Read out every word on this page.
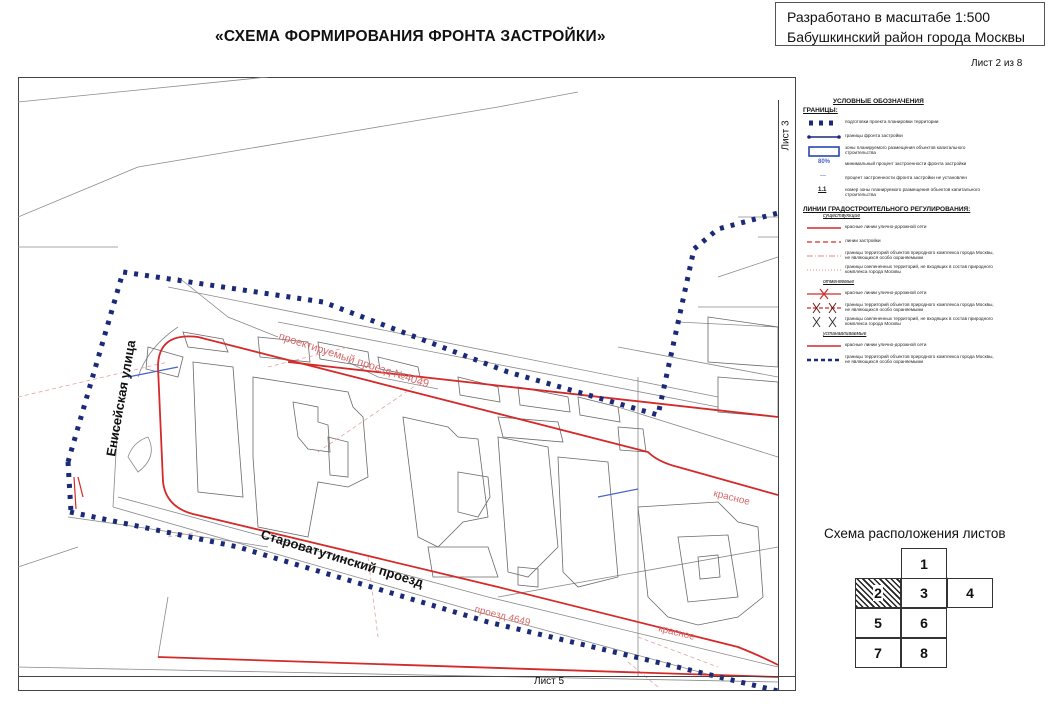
«СХЕМА ФОРМИРОВАНИЯ ФРОНТА ЗАСТРОЙКИ»
Разработано в масштабе 1:500
Бабушкинский район города Москвы
Лист 2 из 8
Енисейская улица
Староватутинский проезд
проектируемый проезд №4049
проезд 4649
красное
красное
Лист 3
Лист 5
УСЛОВНЫЕ ОБОЗНАЧЕНИЯ
ГРАНИЦЫ:
подготовки проекта планировки территории
границы фронта застройки
зоны планируемого размещения объектов капитального строительства
80%	минимальный процент застроенности фронта застройки
—	процент застроенности фронта застройки не установлен
1.1	номер зоны планируемого размещения объектов капитального строительства
ЛИНИИ ГРАДОСТРОИТЕЛЬНОГО РЕГУЛИРОВАНИЯ:
существующие
красные линии улично-дорожной сети
линии застройки
границы территорий объектов природного комплекса города Москвы, не являющихся особо охраняемыми
границы озелененных территорий, не входящих в состав природного комплекса города Москвы
отменяемые
красные линии улично-дорожной сети
границы территорий объектов природного комплекса города Москвы, не являющихся особо охраняемыми
границы озелененных территорий, не входящих в состав природного комплекса города Москвы
устанавливаемые
красные линии улично-дорожной сети
границы территорий объектов природного комплекса города Москвы, не являющихся особо охраняемыми
Схема расположения листов
1
2	3	4
5	6
7	8
